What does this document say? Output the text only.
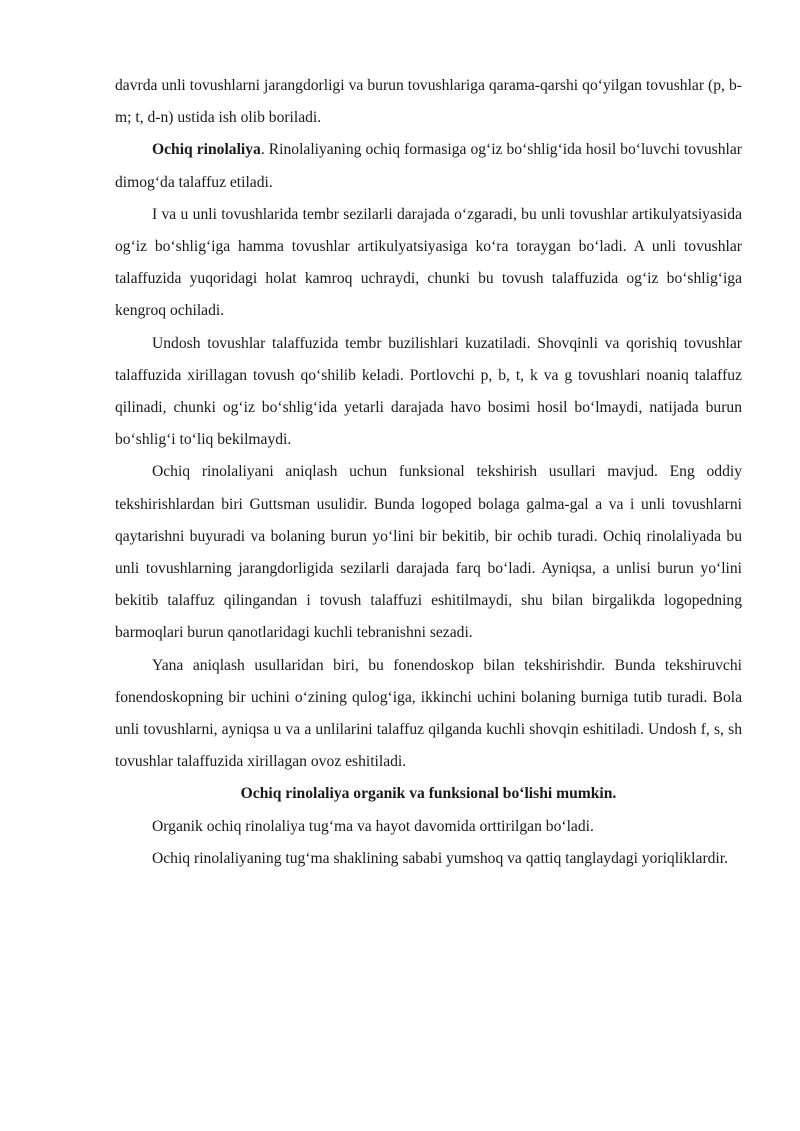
davrda unli tovushlarni jarangdorligi va burun tovushlariga qarama-qarshi qo‘yilgan tovushlar (p, b-m; t, d-n) ustida ish olib boriladi.

Ochiq rinolaliya. Rinolaliyaning ochiq formasiga og‘iz bo‘shlig‘ida hosil bo‘luvchi tovushlar dimog‘da talaffuz etiladi.

I va u unli tovushlarida tembr sezilarli darajada o‘zgaradi, bu unli tovushlar artikulyatsiyasida og‘iz bo‘shlig‘iga hamma tovushlar artikulyatsiyasiga ko‘ra toraygan bo‘ladi. A unli tovushlar talaffuzida yuqoridagi holat kamroq uchraydi, chunki bu tovush talaffuzida og‘iz bo‘shlig‘iga kengroq ochiladi.

Undosh tovushlar talaffuzida tembr buzilishlari kuzatiladi. Shovqinli va qorishiq tovushlar talaffuzida xirillagan tovush qo‘shilib keladi. Portlovchi p, b, t, k va g tovushlari noaniq talaffuz qilinadi, chunki og‘iz bo‘shlig‘ida yetarli darajada havo bosimi hosil bo‘lmaydi, natijada burun bo‘shlig‘i to‘liq bekilmaydi.

Ochiq rinolaliyani aniqlash uchun funksional tekshirish usullari mavjud. Eng oddiy tekshirishlardan biri Guttsman usulidir. Bunda logoped bolaga galma-gal a va i unli tovushlarni qaytarishni buyuradi va bolaning burun yo‘lini bir bekitib, bir ochib turadi. Ochiq rinolaliyada bu unli tovushlarning jarangdorligida sezilarli darajada farq bo‘ladi. Ayniqsa, a unlisi burun yo‘lini bekitib talaffuz qilingandan i tovush talaffuzi eshitilmaydi, shu bilan birgalikda logopedning barmoqlari burun qanotlaridagi kuchli tebranishni sezadi.

Yana aniqlash usullaridan biri, bu fonendoskop bilan tekshirishdir. Bunda tekshiruvchi fonendoskopning bir uchini o‘zining qulog‘iga, ikkinchi uchini bolaning burniga tutib turadi. Bola unli tovushlarni, ayniqsa u va a unlilarini talaffuz qilganda kuchli shovqin eshitiladi. Undosh f, s, sh tovushlar talaffuzida xirillagan ovoz eshitiladi.

Ochiq rinolaliya organik va funksional bo‘lishi mumkin.

Organik ochiq rinolaliya tug‘ma va hayot davomida orttirilgan bo‘ladi.

Ochiq rinolaliyaning tug‘ma shaklining sababi yumshoq va qattiq tanglaydagi yoriqliklardir.
